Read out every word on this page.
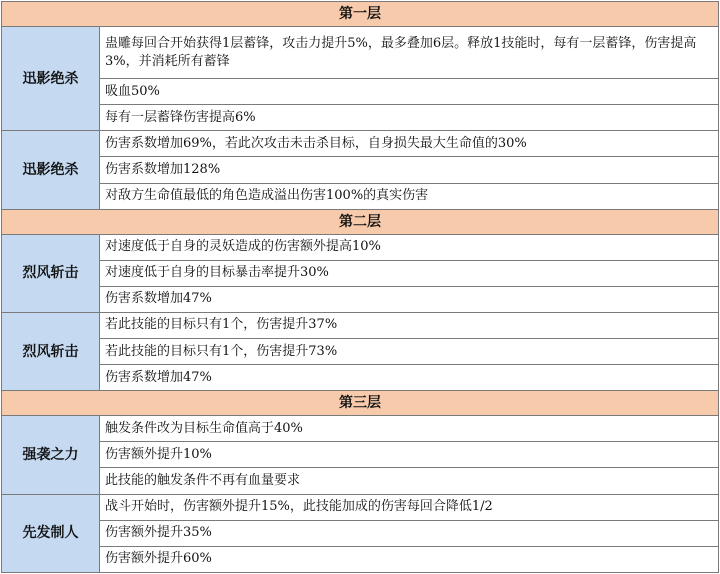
第一层	
迅影绝杀	蛊雕每回合开始获得1层蓄锋，攻击力提升5%，最多叠加6层。释放1技能时，每有一层蓄锋，伤害提高3%，并消耗所有蓄锋
	吸血50%
	每有一层蓄锋伤害提高6%
迅影绝杀	伤害系数增加69%，若此次攻击未击杀目标，自身损失最大生命值的30%
	伤害系数增加128%
	对敌方生命值最低的角色造成溢出伤害100%的真实伤害
第二层	
烈风斩击	对速度低于自身的灵妖造成的伤害额外提高10%
	对速度低于自身的目标暴击率提升30%
	伤害系数增加47%
烈风斩击	若此技能的目标只有1个，伤害提升37%
	若此技能的目标只有1个，伤害提升73%
	伤害系数增加47%
第三层	
强袭之力	触发条件改为目标生命值高于40%
	伤害额外提升10%
	此技能的触发条件不再有血量要求
先发制人	战斗开始时，伤害额外提升15%，此技能加成的伤害每回合降低1/2
	伤害额外提升35%
	伤害额外提升60%
